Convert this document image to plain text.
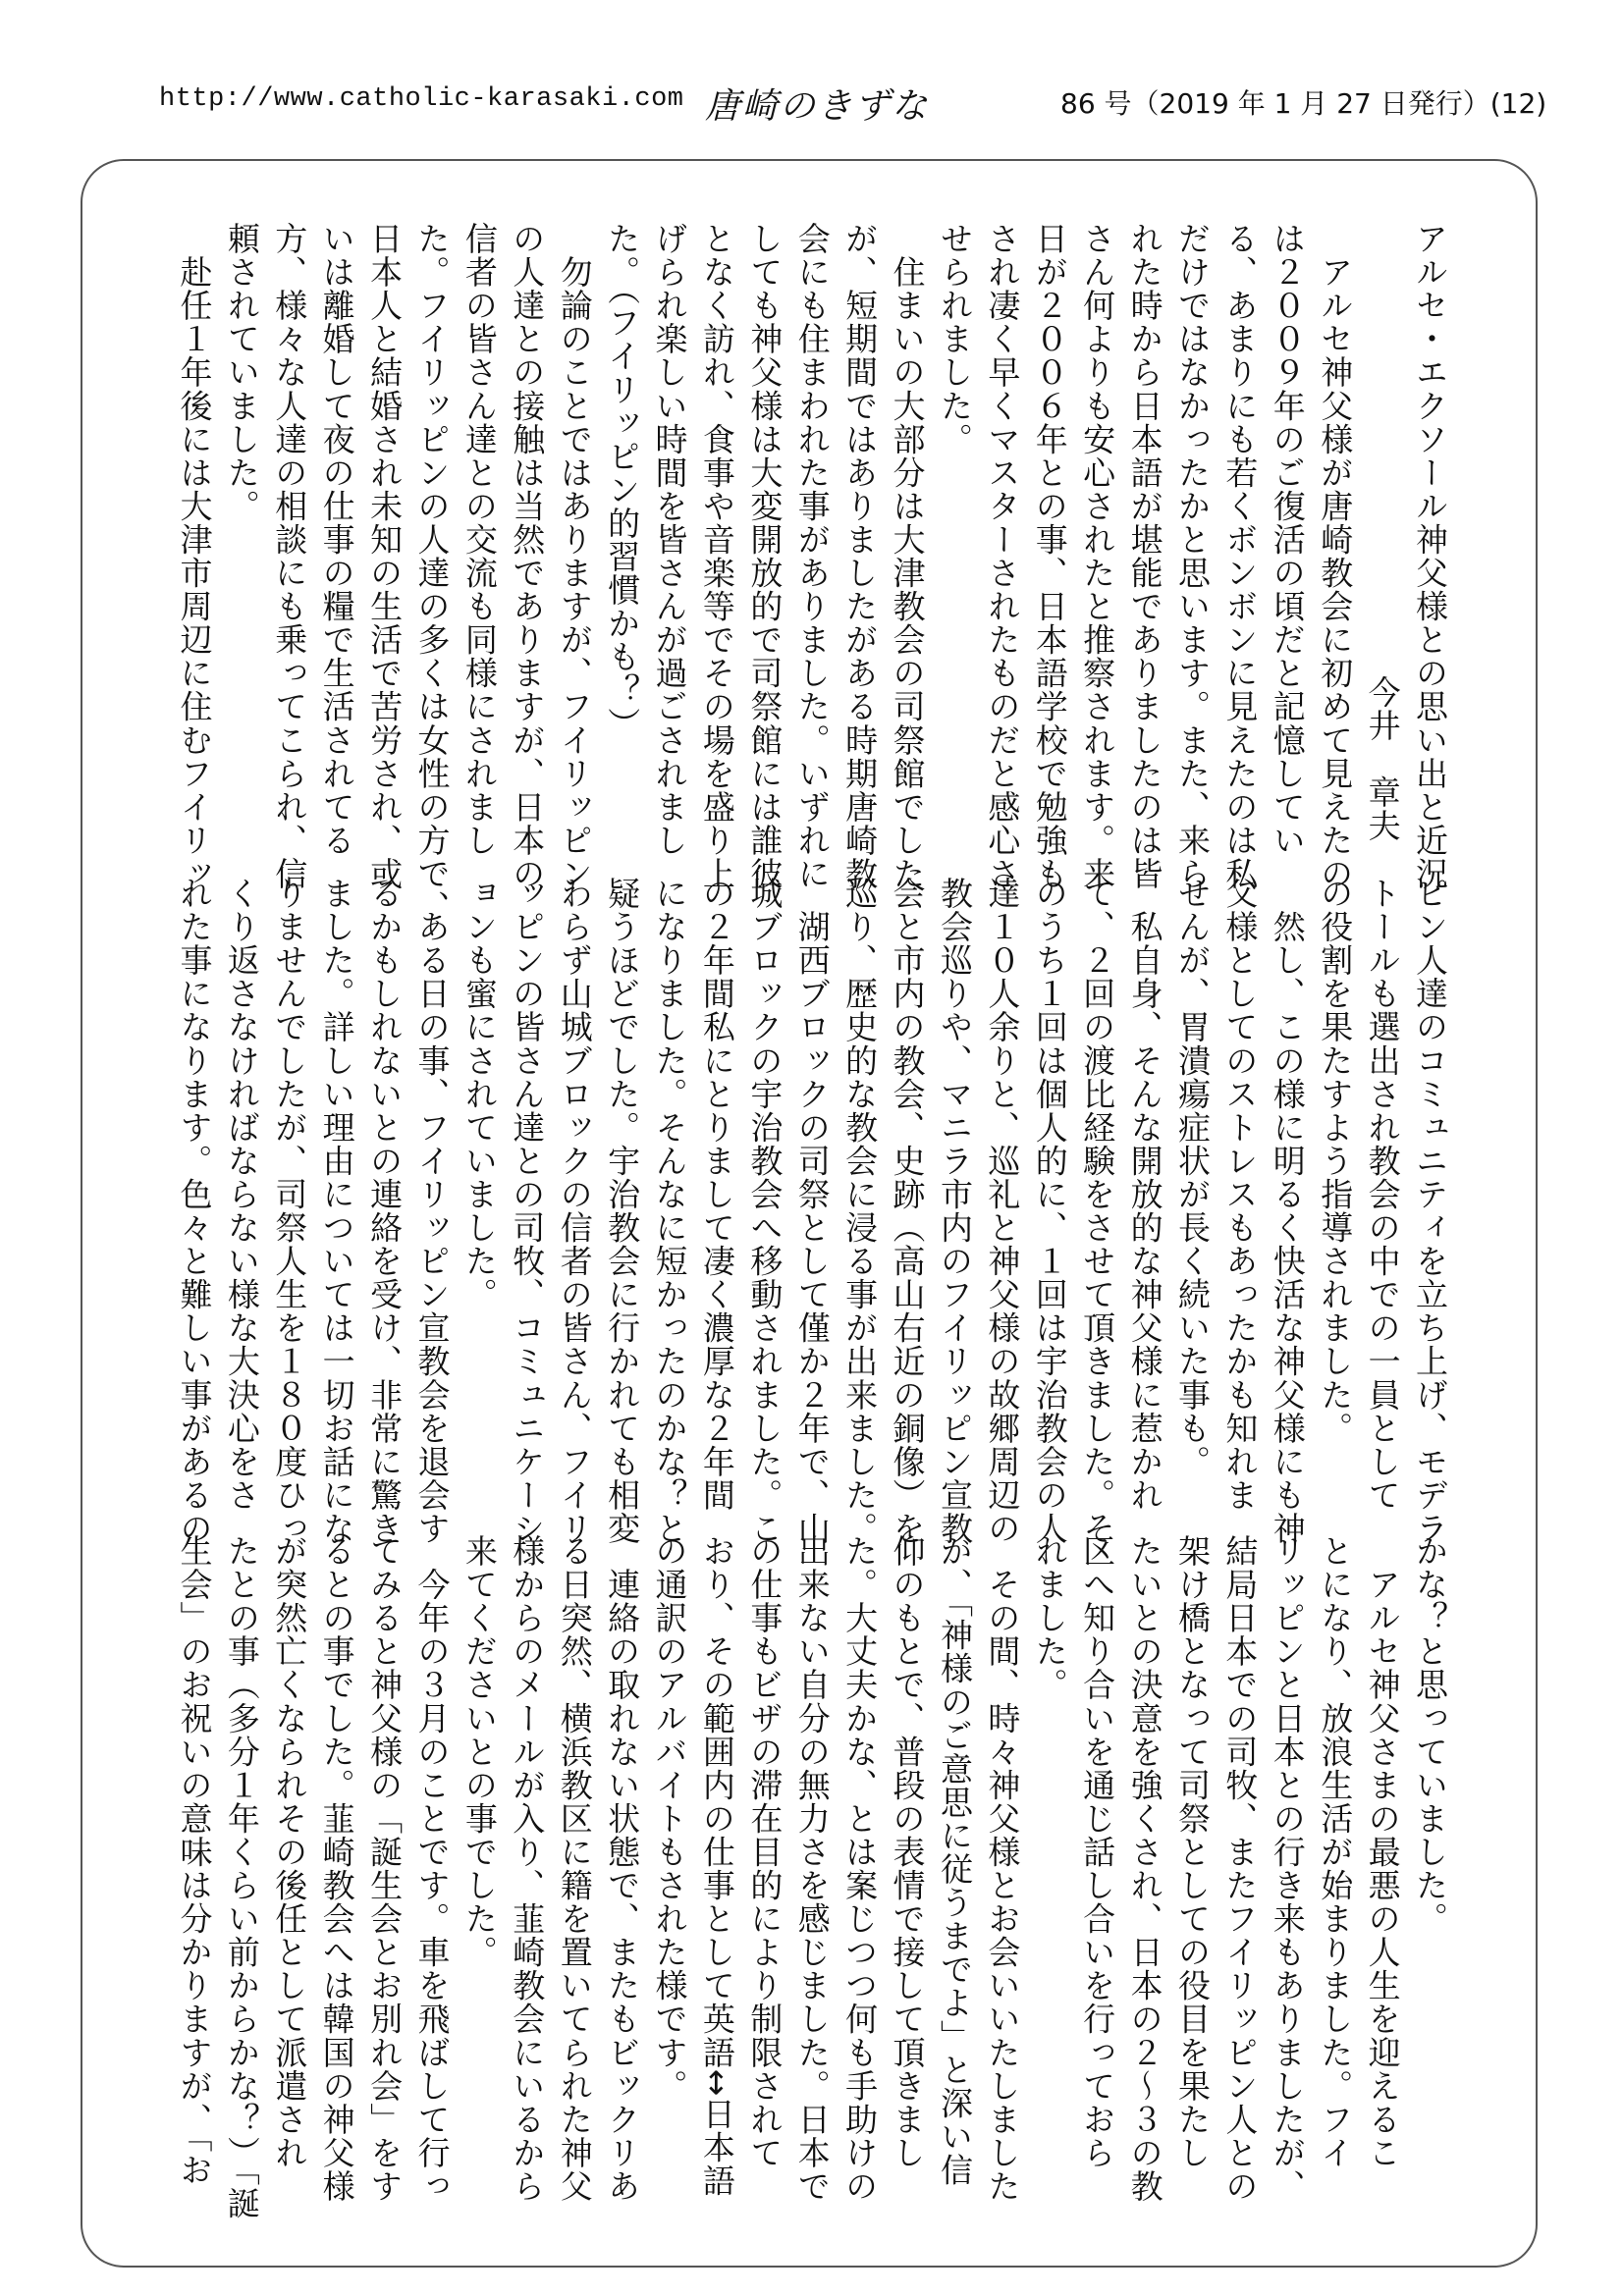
http://www.catholic-karasaki.com 唐崎のきずな	86 号（2019 年 1 月 27 日発行）(12)
アルセ・エクソール神父様との思い出と近況
今井　章夫
　アルセ神父様が唐崎教会に初めて見えたの
は２００９年のご復活の頃だと記憶してい
る、あまりにも若くボンボンに見えたのは私
だけではなかったかと思います。また、来ら
れた時から日本語が堪能でありましたのは皆
さん何よりも安心されたと推察されます。来
日が２００６年との事、日本語学校で勉強も
され凄く早くマスターされたものだと感心さ
せられました。
　住まいの大部分は大津教会の司祭館でした
が、短期間ではありましたがある時期唐崎教
会にも住まわれた事がありました。いずれに
しても神父様は大変開放的で司祭館には誰彼
となく訪れ、食事や音楽等でその場を盛り上
げられ楽しい時間を皆さんが過ごされまし
た。（フイリッピン的習慣かも？）
　勿論のことではありますが、フイリッピン
の人達との接触は当然でありますが、日本の
信者の皆さん達との交流も同様にされまし
た。フイリッピンの人達の多くは女性の方で、
日本人と結婚され未知の生活で苦労され、或
いは離婚して夜の仕事の糧で生活されてる
方、様々な人達の相談にも乗ってこられ、信
頼されていました。
　赴任１年後には大津市周辺に住むフイリッ
ピン人達のコミュニティを立ち上げ、モデラ
トールも選出され教会の中での一員として
の役割を果たすよう指導されました。
　然し、この様に明るく快活な神父様にも神
父様としてのストレスもあったかも知れま
せんが、胃潰瘍症状が長く続いた事も。
　私自身、そんな開放的な神父様に惹かれ
て、２回の渡比経験をさせて頂きました。そ
のうち１回は個人的に、１回は宇治教会の人
達１０人余りと、巡礼と神父様の故郷周辺の
教会巡りや、マニラ市内のフイリッピン宣教
会と市内の教会、史跡（高山右近の銅像）を
巡り、歴史的な教会に浸る事が出来ました。
　湖西ブロックの司祭として僅か２年で、山
城ブロックの宇治教会へ移動されました。こ
の２年間私にとりまして凄く濃厚な２年間
になりました。そんなに短かったのかな？と
疑うほどでした。宇治教会に行かれても相変
わらず山城ブロックの信者の皆さん、フイリ
ッピンの皆さん達との司牧、コミュニケーシ
ョンも蜜にされていました。
　ある日の事、フイリッピン宣教会を退会す
るかもしれないとの連絡を受け、非常に驚き
ました。詳しい理由については一切お話にな
りませんでしたが、司祭人生を１８０度ひっ
くり返さなければならない様な大決心をさ
れた事になります。色々と難しい事があるの
かな？と思っていました。
　アルセ神父さまの最悪の人生を迎えるこ
とになり、放浪生活が始まりました。フイ
リッピンと日本との行き来もありましたが、
結局日本での司牧、またフイリッピン人との
架け橋となって司祭としての役目を果たし
たいとの決意を強くされ、日本の２～３の教
区へ知り合いを通じ話し合いを行っておら
れました。
　その間、時々神父様とお会いいたしました
が、「神様のご意思に従うまでよ」と深い信
仰のもとで、普段の表情で接して頂きまし
た。大丈夫かな、とは案じつつ何も手助けの
出来ない自分の無力さを感じました。日本で
の仕事もビザの滞在目的により制限されて
おり、その範囲内の仕事として英語↔日本語
の通訳のアルバイトもされた様です。
　連絡の取れない状態で、またもビックリあ
る日突然、横浜教区に籍を置いてられた神父
様からのメールが入り、韮崎教会にいるから
来てくださいとの事でした。
　今年の３月のことです。車を飛ばして行っ
てみると神父様の「誕生会とお別れ会」をす
るとの事でした。韮崎教会へは韓国の神父様
が突然亡くなられその後任として派遣され
たとの事（多分１年くらい前からかな？）「誕
生会」のお祝いの意味は分かりますが、「お
